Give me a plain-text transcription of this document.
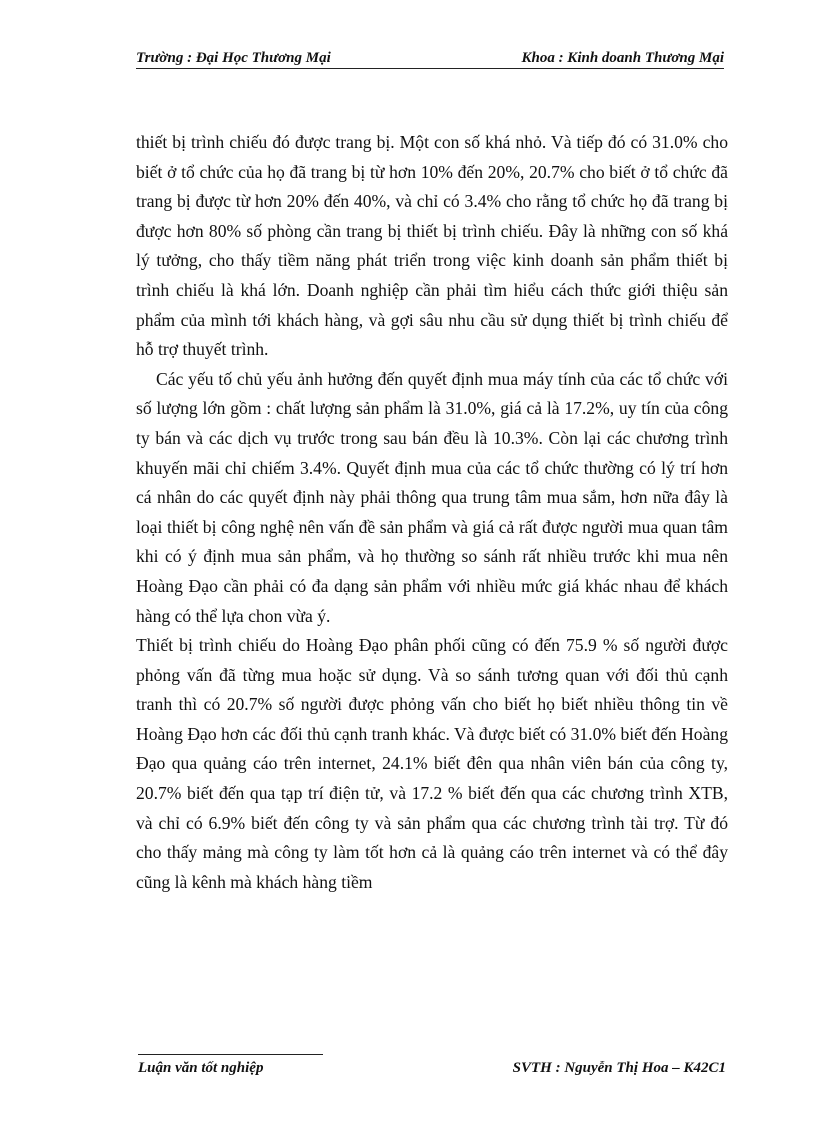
Trường : Đại Học Thương Mại	Khoa : Kinh doanh Thương Mại

thiết bị trình chiếu đó được trang bị. Một con số khá nhỏ. Và tiếp đó có 31.0% cho biết ở tổ chức của họ đã trang bị từ hơn 10% đến 20%, 20.7% cho biết ở tổ chức đã trang bị được từ hơn 20% đến 40%, và chỉ có 3.4% cho rằng tổ chức họ đã trang bị được hơn 80% số phòng cần trang bị thiết bị trình chiếu. Đây là những con số khá lý tưởng, cho thấy tiềm năng phát triển trong việc kinh doanh sản phẩm thiết bị trình chiếu là khá lớn. Doanh nghiệp cần phải tìm hiểu cách thức giới thiệu sản phẩm của mình tới khách hàng, và gợi sâu nhu cầu sử dụng thiết bị trình chiếu để hỗ trợ thuyết trình.

Các yếu tố chủ yếu ảnh hưởng đến quyết định mua máy tính của các tổ chức với số lượng lớn gồm : chất lượng sản phẩm là 31.0%, giá cả là 17.2%, uy tín của công ty bán và các dịch vụ trước trong sau bán đều là 10.3%. Còn lại các chương trình khuyến mãi chỉ chiếm 3.4%. Quyết định mua của các tổ chức thường có lý trí hơn cá nhân do các quyết định này phải thông qua trung tâm mua sắm, hơn nữa đây là loại thiết bị công nghệ nên vấn đề sản phẩm và giá cả rất được người mua quan tâm khi có ý định mua sản phẩm, và họ thường so sánh rất nhiều trước khi mua nên Hoàng Đạo cần phải có đa dạng sản phẩm với nhiều mức giá khác nhau để khách hàng có thể lựa chon vừa ý.

Thiết bị trình chiếu do Hoàng Đạo phân phối cũng có đến 75.9 % số người được phỏng vấn đã từng mua hoặc sử dụng. Và so sánh tương quan với đối thủ cạnh tranh thì có 20.7% số người được phỏng vấn cho biết họ biết nhiều thông tin về Hoàng Đạo hơn các đối thủ cạnh tranh khác. Và được biết có 31.0% biết đến Hoàng Đạo qua quảng cáo trên internet, 24.1% biết đên qua nhân viên bán của công ty, 20.7% biết đến qua tạp trí điện tử, và 17.2 % biết đến qua các chương trình XTB, và chỉ có 6.9% biết đến công ty và sản phẩm qua các chương trình tài trợ. Từ đó cho thấy mảng mà công ty làm tốt hơn cả là quảng cáo trên internet và có thể đây cũng là kênh mà khách hàng tiềm

Luận văn tốt nghiệp	SVTH : Nguyễn Thị Hoa – K42C1
